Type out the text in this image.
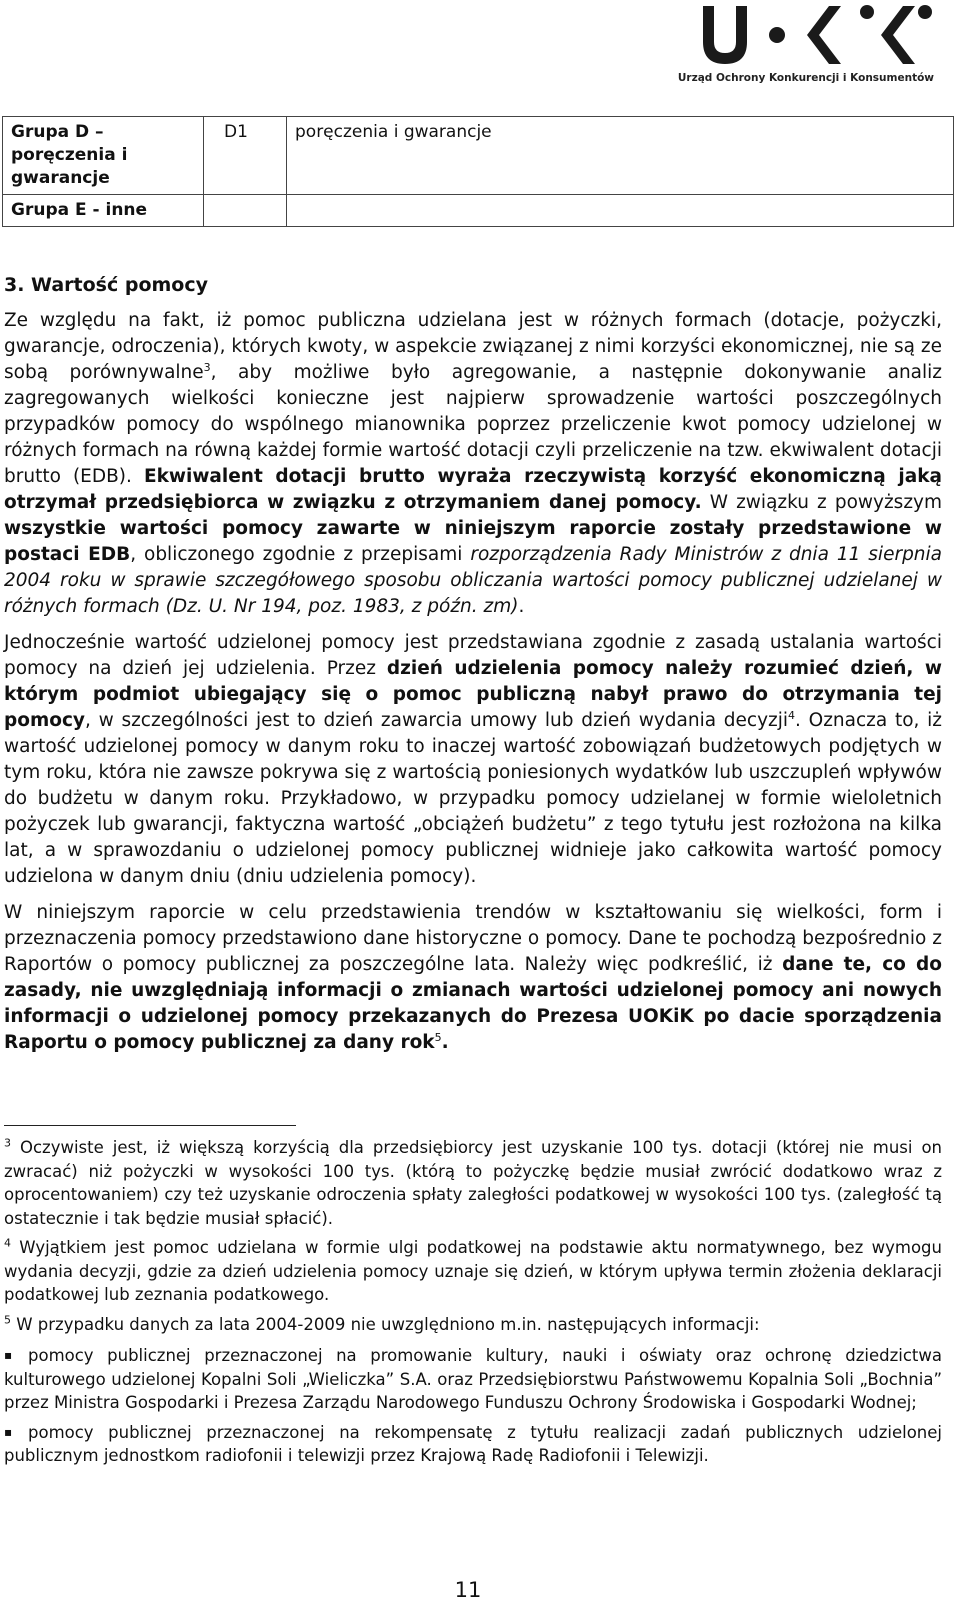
Urząd Ochrony Konkurencji i Konsumentów
Grupa D – poręczenia i gwarancje	D1	poręczenia i gwarancje
Grupa E - inne		
3. Wartość pomocy

Ze względu na fakt, iż pomoc publiczna udzielana jest w różnych formach (dotacje, pożyczki, gwarancje, odroczenia), których kwoty, w aspekcie związanej z nimi korzyści ekonomicznej, nie są ze sobą porównywalne$^3$, aby możliwe było agregowanie, a następnie dokonywanie analiz zagregowanych wielkości konieczne jest najpierw sprowadzenie wartości poszczególnych przypadków pomocy do wspólnego mianownika poprzez przeliczenie kwot pomocy udzielonej w różnych formach na równą każdej formie wartość dotacji czyli przeliczenie na tzw. ekwiwalent dotacji brutto (EDB). Ekwiwalent dotacji brutto wyraża rzeczywistą korzyść ekonomiczną jaką otrzymał przedsiębiorca w związku z otrzymaniem danej pomocy. W związku z powyższym wszystkie wartości pomocy zawarte w niniejszym raporcie zostały przedstawione w postaci EDB, obliczonego zgodnie z przepisami rozporządzenia Rady Ministrów z dnia 11 sierpnia 2004 roku w sprawie szczegółowego sposobu obliczania wartości pomocy publicznej udzielanej w różnych formach (Dz. U. Nr 194, poz. 1983, z późn. zm).

Jednocześnie wartość udzielonej pomocy jest przedstawiana zgodnie z zasadą ustalania wartości pomocy na dzień jej udzielenia. Przez dzień udzielenia pomocy należy rozumieć dzień, w którym podmiot ubiegający się o pomoc publiczną nabył prawo do otrzymania tej pomocy, w szczególności jest to dzień zawarcia umowy lub dzień wydania decyzji$^4$. Oznacza to, iż wartość udzielonej pomocy w danym roku to inaczej wartość zobowiązań budżetowych podjętych w tym roku, która nie zawsze pokrywa się z wartością poniesionych wydatków lub uszczupleń wpływów do budżetu w danym roku. Przykładowo, w przypadku pomocy udzielanej w formie wieloletnich pożyczek lub gwarancji, faktyczna wartość „obciążeń budżetu” z tego tytułu jest rozłożona na kilka lat, a w sprawozdaniu o udzielonej pomocy publicznej widnieje jako całkowita wartość pomocy udzielona w danym dniu (dniu udzielenia pomocy).

W niniejszym raporcie w celu przedstawienia trendów w kształtowaniu się wielkości, form i przeznaczenia pomocy przedstawiono dane historyczne o pomocy. Dane te pochodzą bezpośrednio z Raportów o pomocy publicznej za poszczególne lata. Należy więc podkreślić, iż dane te, co do zasady, nie uwzględniają informacji o zmianach wartości udzielonej pomocy ani nowych informacji o udzielonej pomocy przekazanych do Prezesa UOKiK po dacie sporządzenia Raportu o pomocy publicznej za dany rok$^5$.

$^3$ Oczywiste jest, iż większą korzyścią dla przedsiębiorcy jest uzyskanie 100 tys. dotacji (której nie musi on zwracać) niż pożyczki w wysokości 100 tys. (którą to pożyczkę będzie musiał zwrócić dodatkowo wraz z oprocentowaniem) czy też uzyskanie odroczenia spłaty zaległości podatkowej w wysokości 100 tys. (zaległość tą ostatecznie i tak będzie musiał spłacić).

$^4$ Wyjątkiem jest pomoc udzielana w formie ulgi podatkowej na podstawie aktu normatywnego, bez wymogu wydania decyzji, gdzie za dzień udzielenia pomocy uznaje się dzień, w którym upływa termin złożenia deklaracji podatkowej lub zeznania podatkowego.

$^5$ W przypadku danych za lata 2004-2009 nie uwzględniono m.in. następujących informacji:

▪ pomocy publicznej przeznaczonej na promowanie kultury, nauki i oświaty oraz ochronę dziedzictwa kulturowego udzielonej Kopalni Soli „Wieliczka” S.A. oraz Przedsiębiorstwu Państwowemu Kopalnia Soli „Bochnia” przez Ministra Gospodarki i Prezesa Zarządu Narodowego Funduszu Ochrony Środowiska i Gospodarki Wodnej;

▪ pomocy publicznej przeznaczonej na rekompensatę z tytułu realizacji zadań publicznych udzielonej publicznym jednostkom radiofonii i telewizji przez Krajową Radę Radiofonii i Telewizji.

11
